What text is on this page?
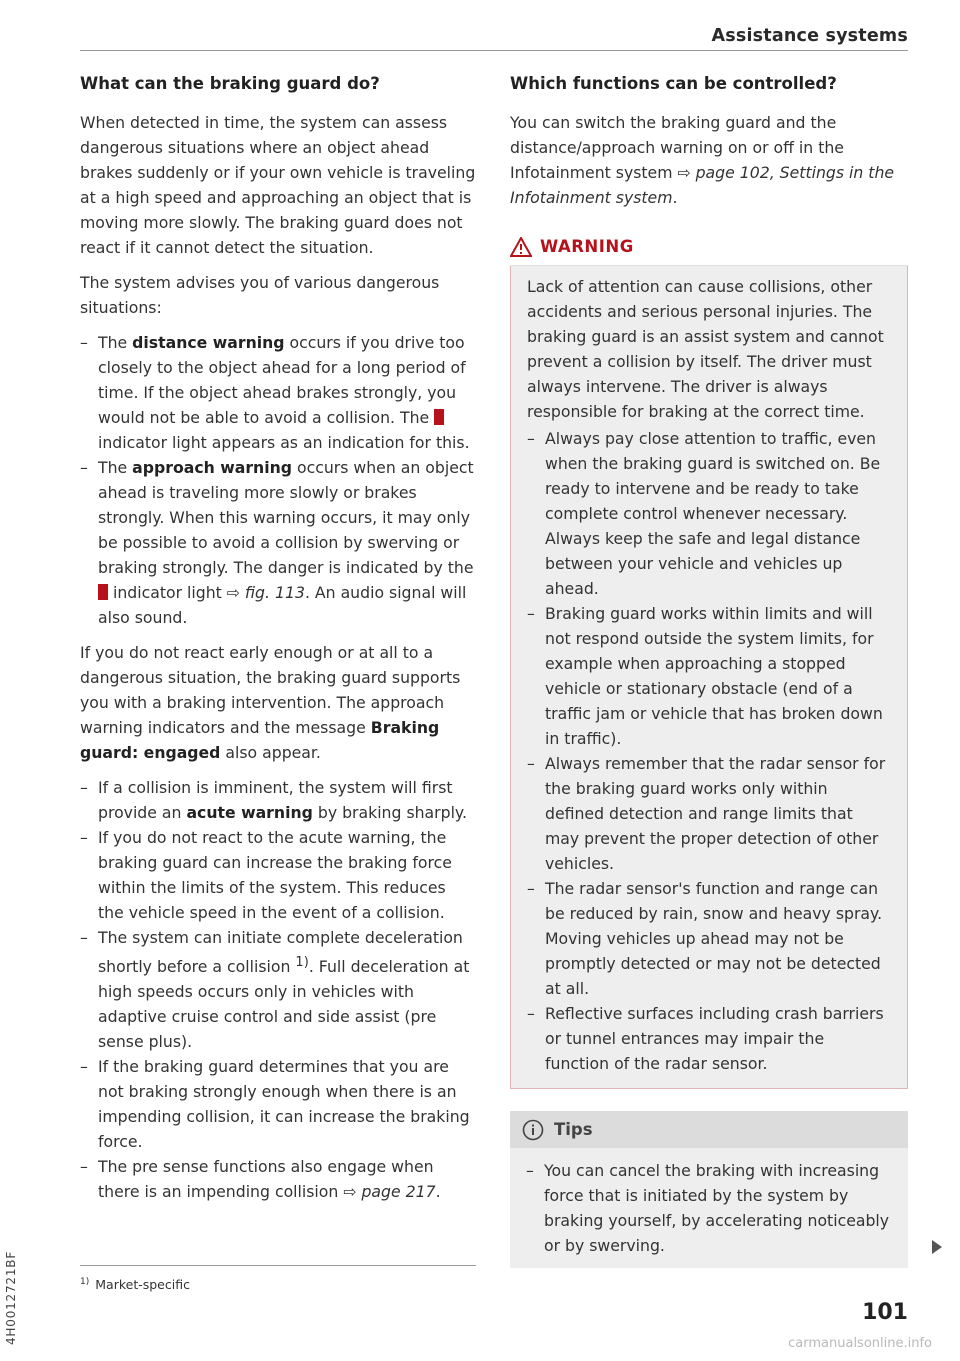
Assistance systems
What can the braking guard do?

When detected in time, the system can assess dangerous situations where an object ahead brakes suddenly or if your own vehicle is traveling at a high speed and approaching an object that is moving more slowly. The braking guard does not react if it cannot detect the situation.

The system advises you of various dangerous situations:

– The distance warning occurs if you drive too closely to the object ahead for a long period of time. If the object ahead brakes strongly, you would not be able to avoid a collision. The  indicator light appears as an indication for this.
– The approach warning occurs when an object ahead is traveling more slowly or brakes strongly. When this warning occurs, it may only be possible to avoid a collision by swerving or braking strongly. The danger is indicated by the  indicator light ⇨ fig. 113. An audio signal will also sound.

If you do not react early enough or at all to a dangerous situation, the braking guard supports you with a braking intervention. The approach warning indicators and the message Braking guard: engaged also appear.

– If a collision is imminent, the system will first provide an acute warning by braking sharply.
– If you do not react to the acute warning, the braking guard can increase the braking force within the limits of the system. This reduces the vehicle speed in the event of a collision.
– The system can initiate complete deceleration shortly before a collision $^{1)}$. Full deceleration at high speeds occurs only in vehicles with adaptive cruise control and side assist (pre sense plus).
– If the braking guard determines that you are not braking strongly enough when there is an impending collision, it can increase the braking force.
– The pre sense functions also engage when there is an impending collision ⇨ page 217.
Which functions can be controlled?

You can switch the braking guard and the distance/approach warning on or off in the Infotainment system ⇨ page 102, Settings in the Infotainment system.

WARNING

Lack of attention can cause collisions, other accidents and serious personal injuries. The braking guard is an assist system and cannot prevent a collision by itself. The driver must always intervene. The driver is always responsible for braking at the correct time.

– Always pay close attention to traffic, even when the braking guard is switched on. Be ready to intervene and be ready to take complete control whenever necessary. Always keep the safe and legal distance between your vehicle and vehicles up ahead.
– Braking guard works within limits and will not respond outside the system limits, for example when approaching a stopped vehicle or stationary obstacle (end of a traffic jam or vehicle that has broken down in traffic).
– Always remember that the radar sensor for the braking guard works only within defined detection and range limits that may prevent the proper detection of other vehicles.
– The radar sensor's function and range can be reduced by rain, snow and heavy spray. Moving vehicles up ahead may not be promptly detected or may not be detected at all.
– Reflective surfaces including crash barriers or tunnel entrances may impair the function of the radar sensor.
Tips
– You can cancel the braking with increasing force that is initiated by the system by braking yourself, by accelerating noticeably or by swerving.
$^{1)}$ Market-specific
4H0012721BF	101
carmanualsonline.info
